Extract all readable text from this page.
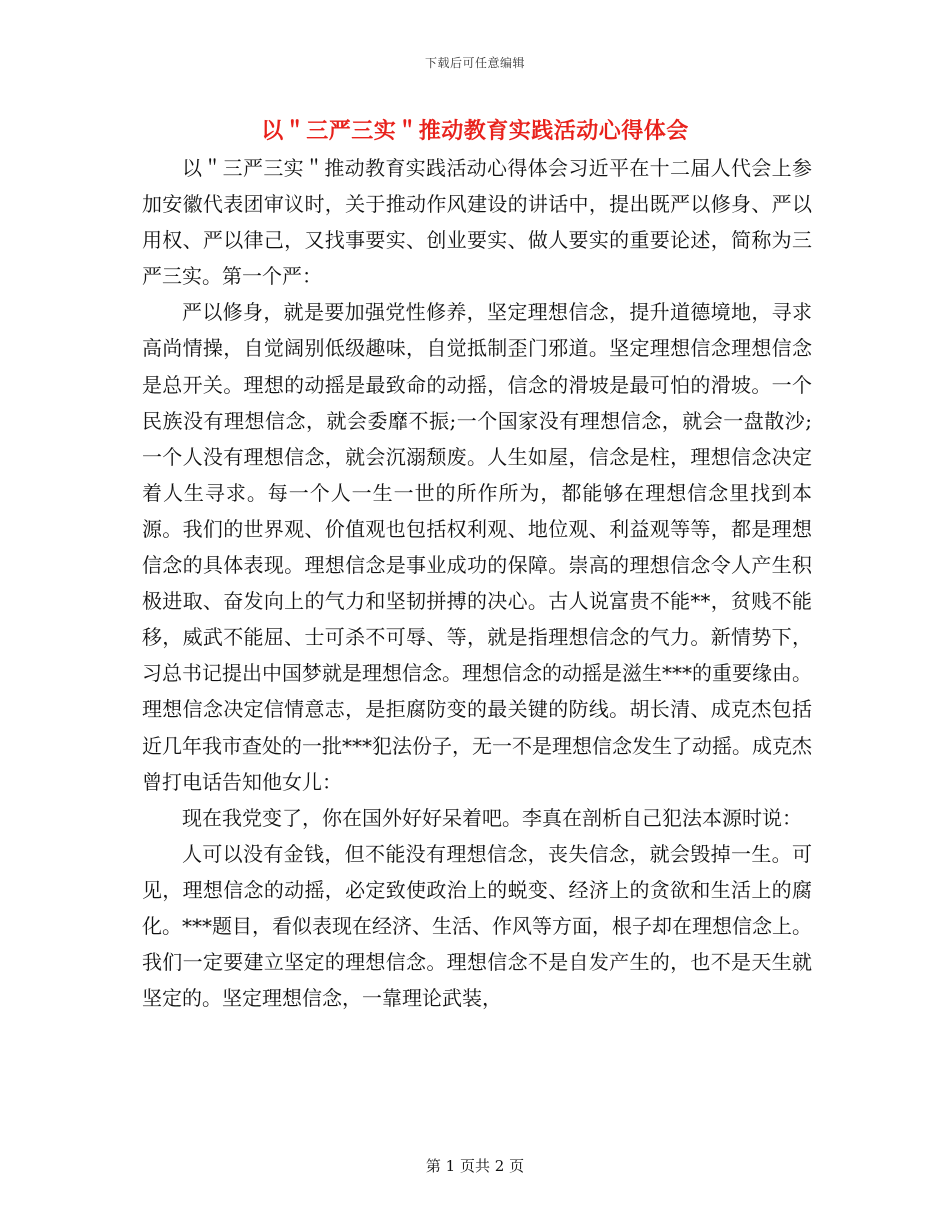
下载后可任意编辑
以＂三严三实＂推动教育实践活动心得体会

以＂三严三实＂推动教育实践活动心得体会习近平在十二届人代会上参加安徽代表团审议时，关于推动作风建设的讲话中，提出既严以修身、严以用权、严以律己，又找事要实、创业要实、做人要实的重要论述，简称为三严三实。第一个严：

严以修身，就是要加强党性修养，坚定理想信念，提升道德境地，寻求高尚情操，自觉阔别低级趣味，自觉抵制歪门邪道。坚定理想信念理想信念是总开关。理想的动摇是最致命的动摇，信念的滑坡是最可怕的滑坡。一个民族没有理想信念，就会委靡不振;一个国家没有理想信念，就会一盘散沙;一个人没有理想信念，就会沉溺颓废。人生如屋，信念是柱，理想信念决定着人生寻求。每一个人一生一世的所作所为，都能够在理想信念里找到本源。我们的世界观、价值观也包括权利观、地位观、利益观等等，都是理想信念的具体表现。理想信念是事业成功的保障。崇高的理想信念令人产生积极进取、奋发向上的气力和坚韧拼搏的决心。古人说富贵不能**，贫贱不能移，威武不能屈、士可杀不可辱、等，就是指理想信念的气力。新情势下，习总书记提出中国梦就是理想信念。理想信念的动摇是滋生***的重要缘由。理想信念决定信情意志，是拒腐防变的最关键的防线。胡长清、成克杰包括近几年我市查处的一批***犯法份子，无一不是理想信念发生了动摇。成克杰曾打电话告知他女儿：

现在我党变了，你在国外好好呆着吧。李真在剖析自己犯法本源时说：

人可以没有金钱，但不能没有理想信念，丧失信念，就会毁掉一生。可见，理想信念的动摇，必定致使政治上的蜕变、经济上的贪欲和生活上的腐化。***题目，看似表现在经济、生活、作风等方面，根子却在理想信念上。我们一定要建立坚定的理想信念。理想信念不是自发产生的，也不是天生就坚定的。坚定理想信念，一靠理论武装，

第 1 页共 2 页
